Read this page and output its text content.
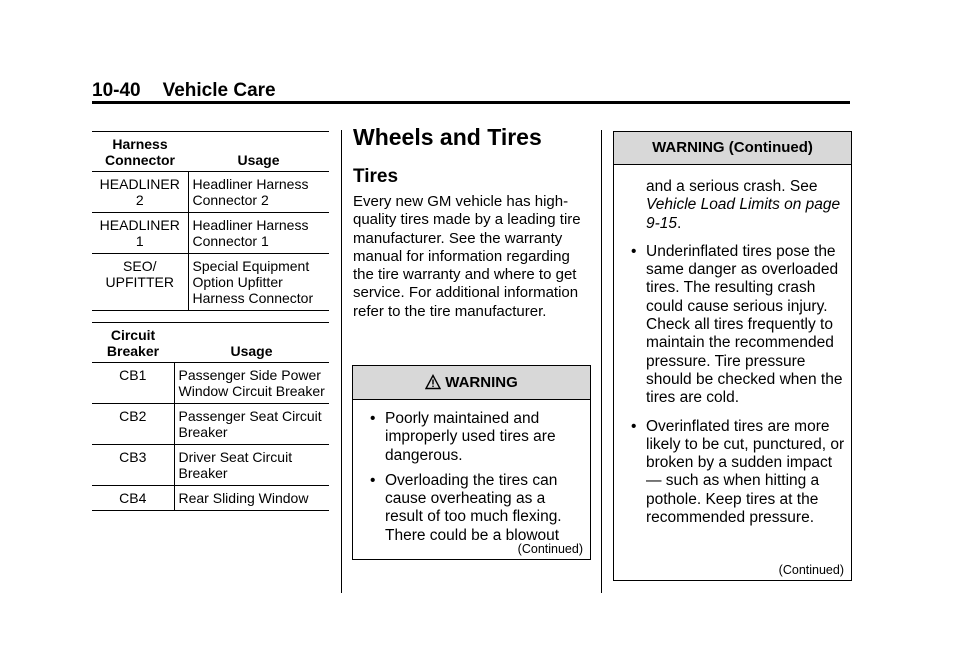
10-40 Vehicle Care
Harness Connector	Usage
HEADLINER 2	Headliner Harness Connector 2
HEADLINER 1	Headliner Harness Connector 1
SEO/ UPFITTER	Special Equipment Option Upfitter Harness Connector
Circuit Breaker	Usage
CB1	Passenger Side Power Window Circuit Breaker
CB2	Passenger Seat Circuit Breaker
CB3	Driver Seat Circuit Breaker
CB4	Rear Sliding Window
Wheels and Tires
Tires

Every new GM vehicle has high-quality tires made by a leading tire manufacturer. See the warranty manual for information regarding the tire warranty and where to get service. For additional information refer to the tire manufacturer.

WARNING
• Poorly maintained and improperly used tires are dangerous.
• Overloading the tires can cause overheating as a result of too much flexing. There could be a blowout
(Continued)
WARNING (Continued)
and a serious crash. See Vehicle Load Limits on page 9-15.
• Underinflated tires pose the same danger as overloaded tires. The resulting crash could cause serious injury. Check all tires frequently to maintain the recommended pressure. Tire pressure should be checked when the tires are cold.
• Overinflated tires are more likely to be cut, punctured, or broken by a sudden impact— such as when hitting a pothole. Keep tires at the recommended pressure.
(Continued)
